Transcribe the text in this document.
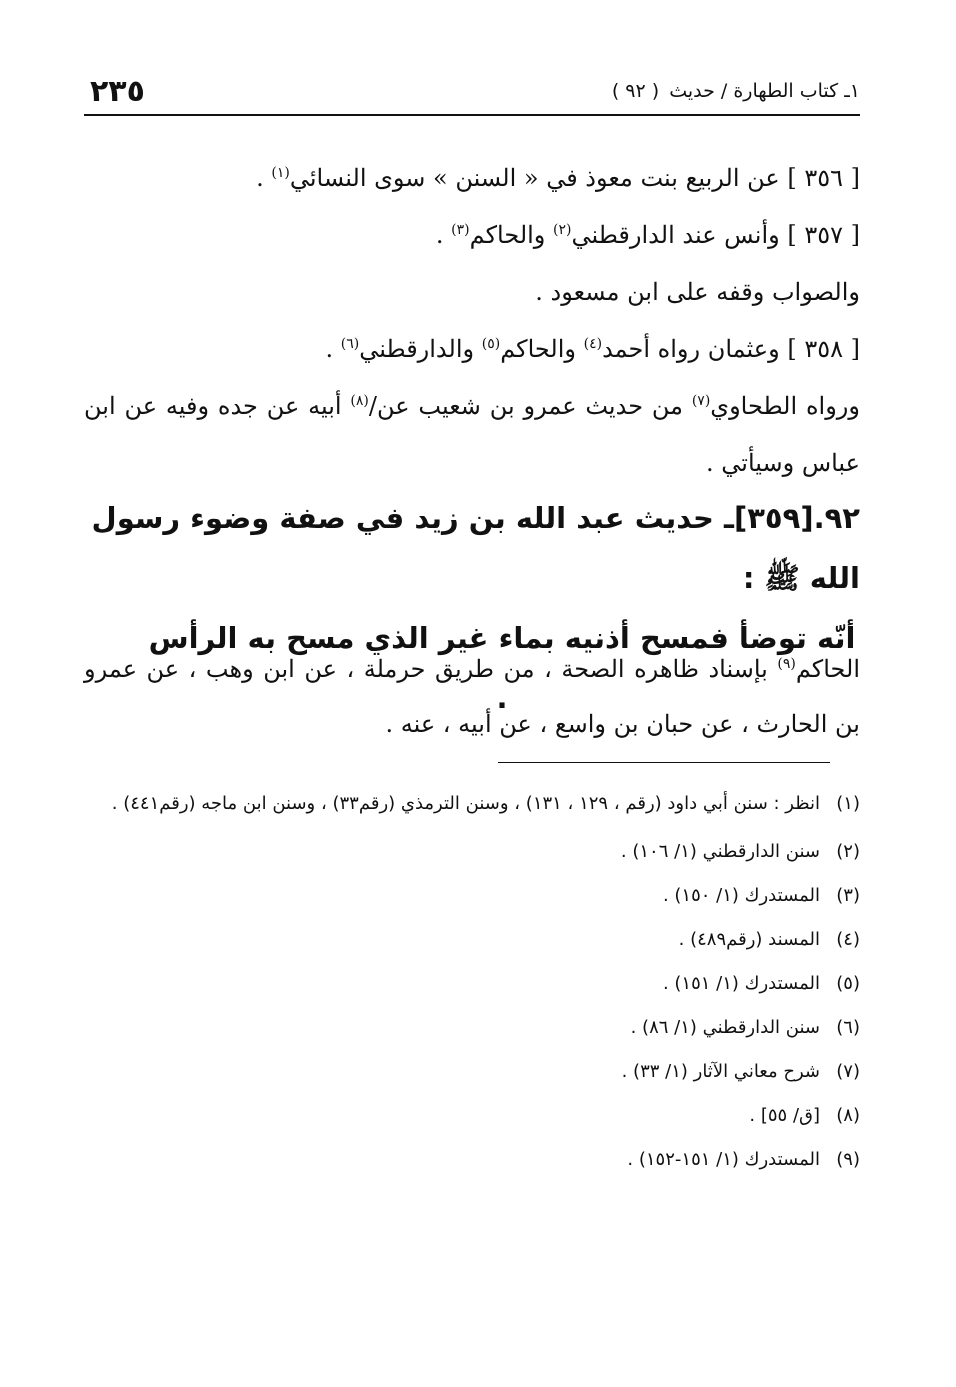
٢٣٥	١ـ كتاب الطهارة / حديث ( ٩٢ )

[ ٣٥٦ ] عن الربيع بنت معوذ في « السنن » سوى النسائي$^{(١)}$ .

[ ٣٥٧ ] وأنس عند الدارقطني$^{(٢)}$ والحاكم$^{(٣)}$ .

والصواب وقفه على ابن مسعود .

[ ٣٥٨ ] وعثمان رواه أحمد$^{(٤)}$ والحاكم$^{(٥)}$ والدارقطني$^{(٦)}$ .

ورواه الطحاوي$^{(٧)}$ من حديث عمرو بن شعيب عن/$^{(٨)}$ أبيه عن جده وفيه عن ابن عباس وسيأتي .

٩٢.[٣٥٩]ـ حديث عبد الله بن زيد في صفة وضوء رسول الله ﷺ :
أنّه توضأ فمسح أذنيه بماء غير الذي مسح به الرأس .

الحاكم$^{(٩)}$ بإسناد ظاهره الصحة ، من طريق حرملة ، عن ابن وهب ، عن عمرو بن الحارث ، عن حبان بن واسع ، عن أبيه ، عنه .

(١)
انظر : سنن أبي داود (رقم ، ١٢٩ ، ١٣١) ، وسنن الترمذي (رقم٣٣) ، وسنن ابن ماجه (رقم٤٤١) .
(٢)
سنن الدارقطني (١/ ١٠٦) .
(٣)
المستدرك (١/ ١٥٠) .
(٤)
المسند (رقم٤٨٩) .
(٥)
المستدرك (١/ ١٥١) .
(٦)
سنن الدارقطني (١/ ٨٦) .
(٧)
شرح معاني الآثار (١/ ٣٣) .
(٨)
[ق/ ٥٥] .
(٩)
المستدرك (١/ ١٥١-١٥٢) .
